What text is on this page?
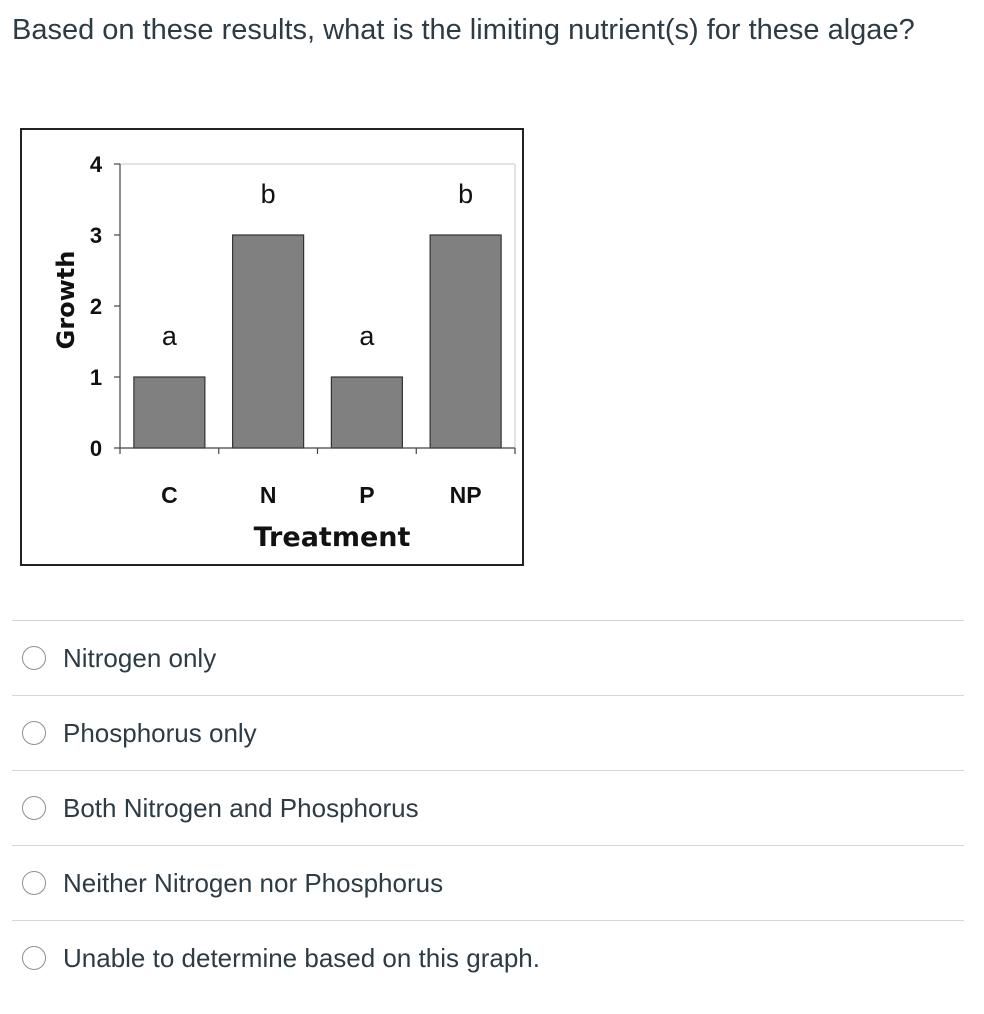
Based on these results, what is the limiting nutrient(s) for these algae?
0
1
2
3
4
C
a
N
b
P
a
NP
b
Treatment
Growth
Nitrogen only
Phosphorus only
Both Nitrogen and Phosphorus
Neither Nitrogen nor Phosphorus
Unable to determine based on this graph.
